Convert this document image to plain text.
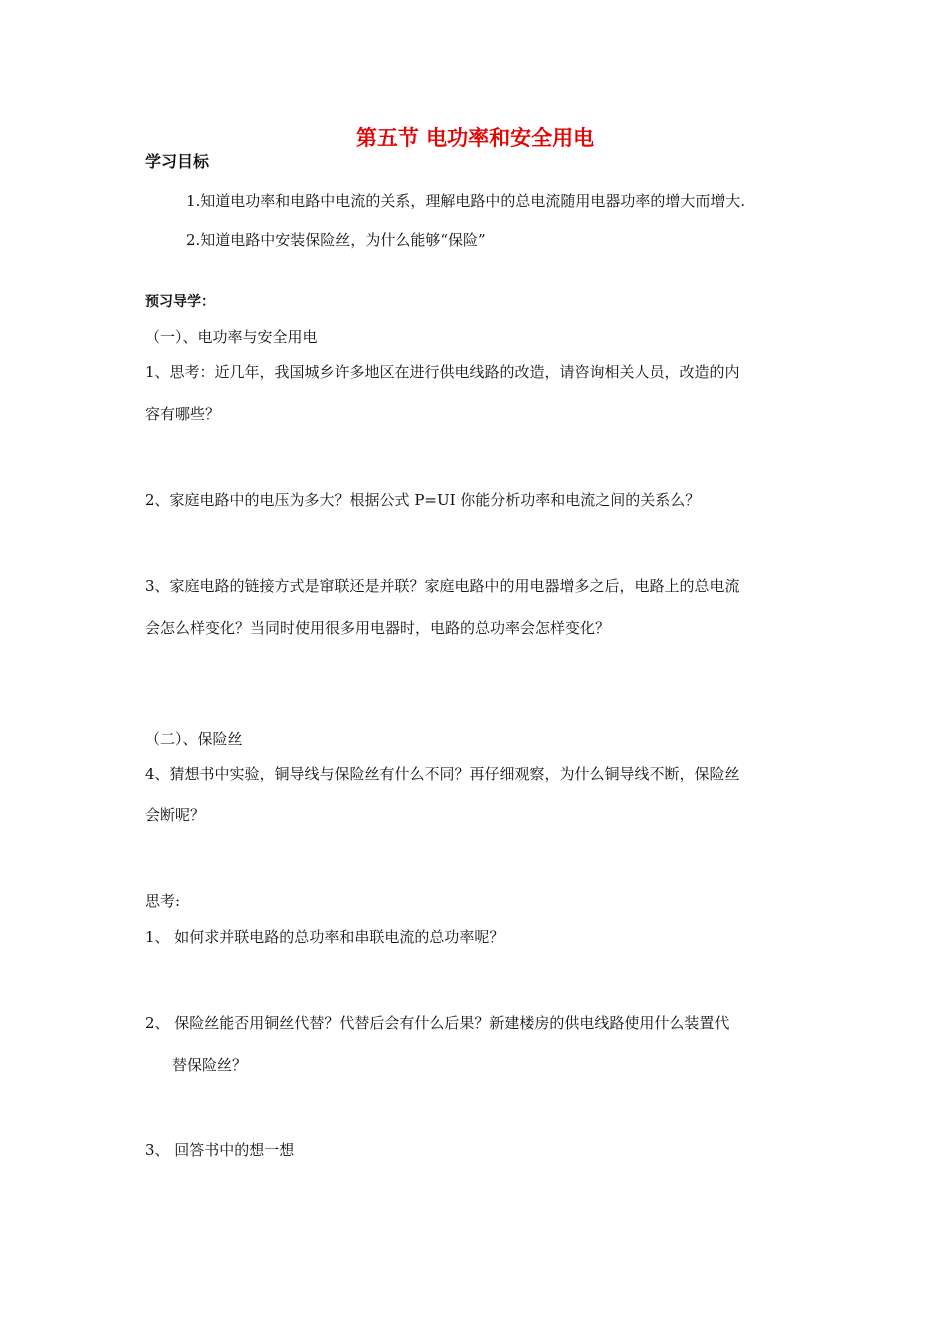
第五节 电功率和安全用电
学习目标
1.知道电功率和电路中电流的关系，理解电路中的总电流随用电器功率的增大而增大.
2.知道电路中安装保险丝，为什么能够“保险”
预习导学：
（一）、电功率与安全用电
1、思考：近几年，我国城乡许多地区在进行供电线路的改造，请咨询相关人员，改造的内
容有哪些？
2、家庭电路中的电压为多大？根据公式 P=UI 你能分析功率和电流之间的关系么？
3、家庭电路的链接方式是窜联还是并联？家庭电路中的用电器增多之后，电路上的总电流
会怎么样变化？当同时使用很多用电器时，电路的总功率会怎样变化？
（二）、保险丝
4、猜想书中实验，铜导线与保险丝有什么不同？再仔细观察，为什么铜导线不断，保险丝
会断呢？
思考:
1、 如何求并联电路的总功率和串联电流的总功率呢？
2、 保险丝能否用铜丝代替？代替后会有什么后果？新建楼房的供电线路使用什么装置代
替保险丝？
3、 回答书中的想一想
